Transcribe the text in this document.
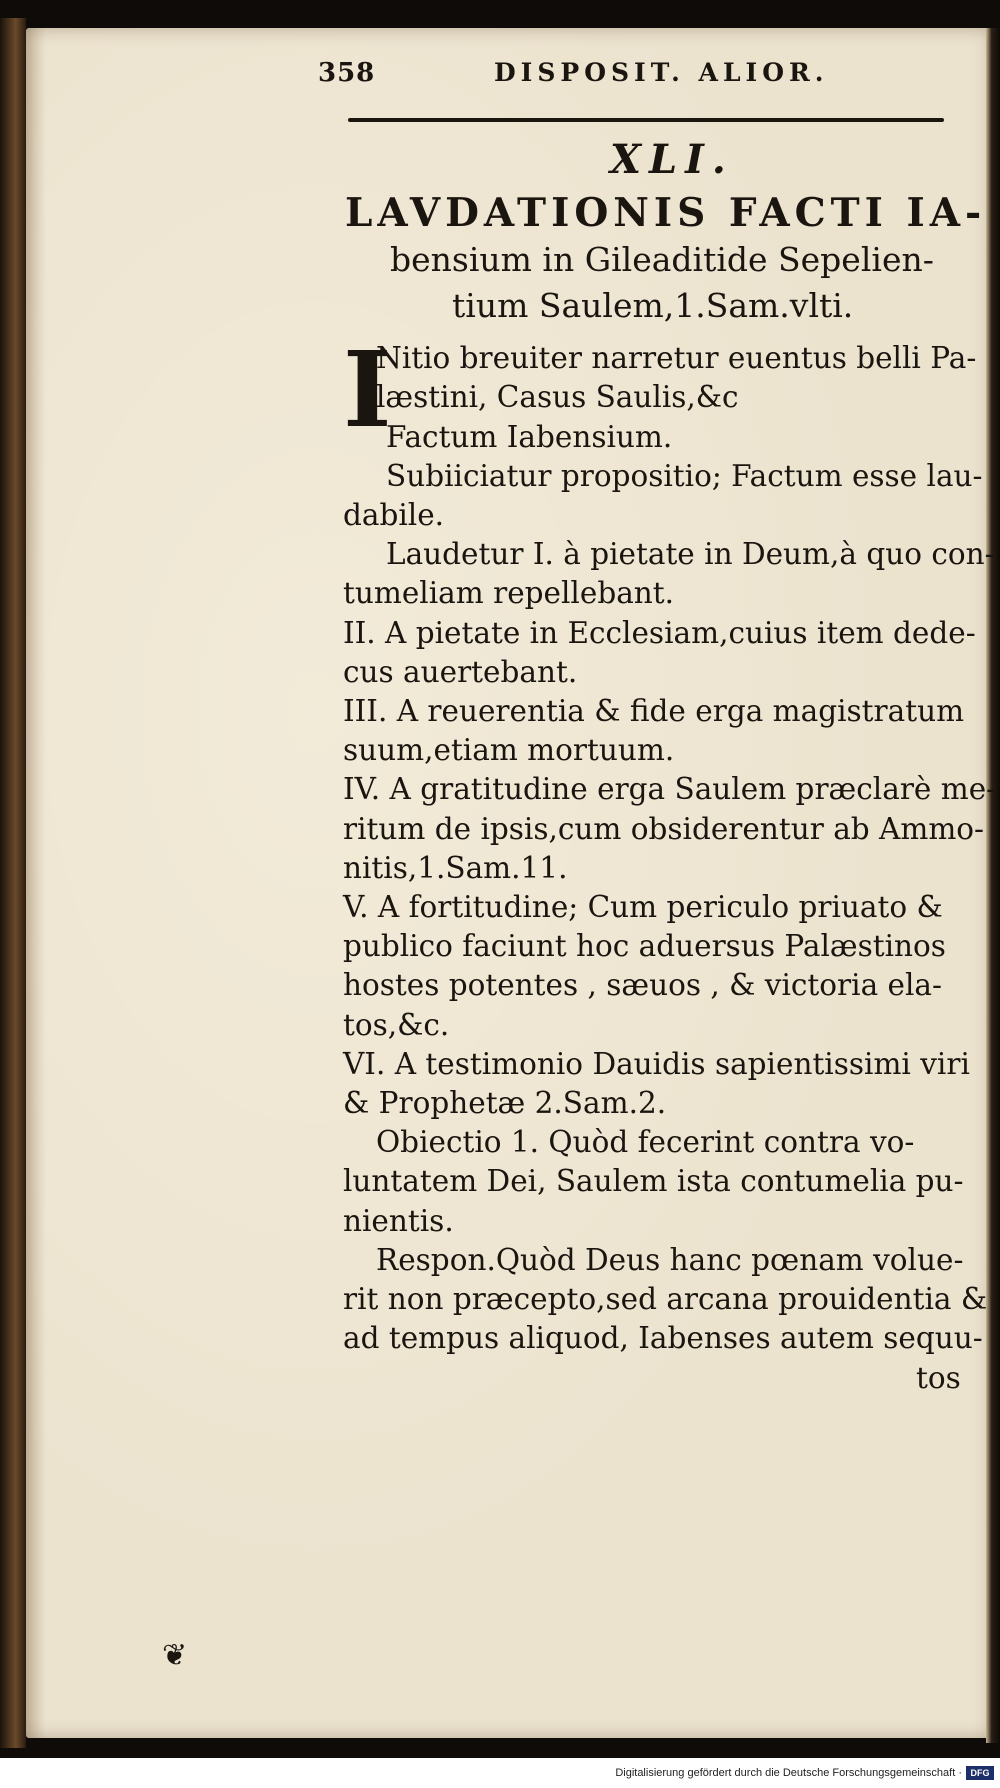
358	DISPOSIT. ALIOR.
XLI.
LAVDATIONIS FACTI IA-
bensium in Gileaditide Sepelien-
tium Saulem,1.Sam.vlti.
I
Nitio breuiter narretur euentus belli Pa-
læstini, Casus Saulis,&c
Factum Iabensium.
Subiiciatur propositio; Factum esse lau-
dabile.
Laudetur I. à pietate in Deum,à quo con-
tumeliam repellebant.
II. A pietate in Ecclesiam,cuius item dede-
cus auertebant.
III. A reuerentia & fide erga magistratum
suum,etiam mortuum.
IV. A gratitudine erga Saulem præclarè me-
ritum de ipsis,cum obsiderentur ab Ammo-
nitis,1.Sam.11.
V. A fortitudine; Cum periculo priuato &
publico faciunt hoc aduersus Palæstinos
hostes potentes , sæuos , & victoria ela-
tos,&c.
VI. A testimonio Dauidis sapientissimi viri
& Prophetæ 2.Sam.2.
Obiectio 1. Quòd fecerint contra vo-
luntatem Dei, Saulem ista contumelia pu-
nientis.
Respon.Quòd Deus hanc pœnam volue-
rit non præcepto,sed arcana prouidentia &
ad tempus aliquod, Iabenses autem sequu-
tos
❦
Digitalisierung gefördert durch die Deutsche Forschungsgemeinschaft · DFG
